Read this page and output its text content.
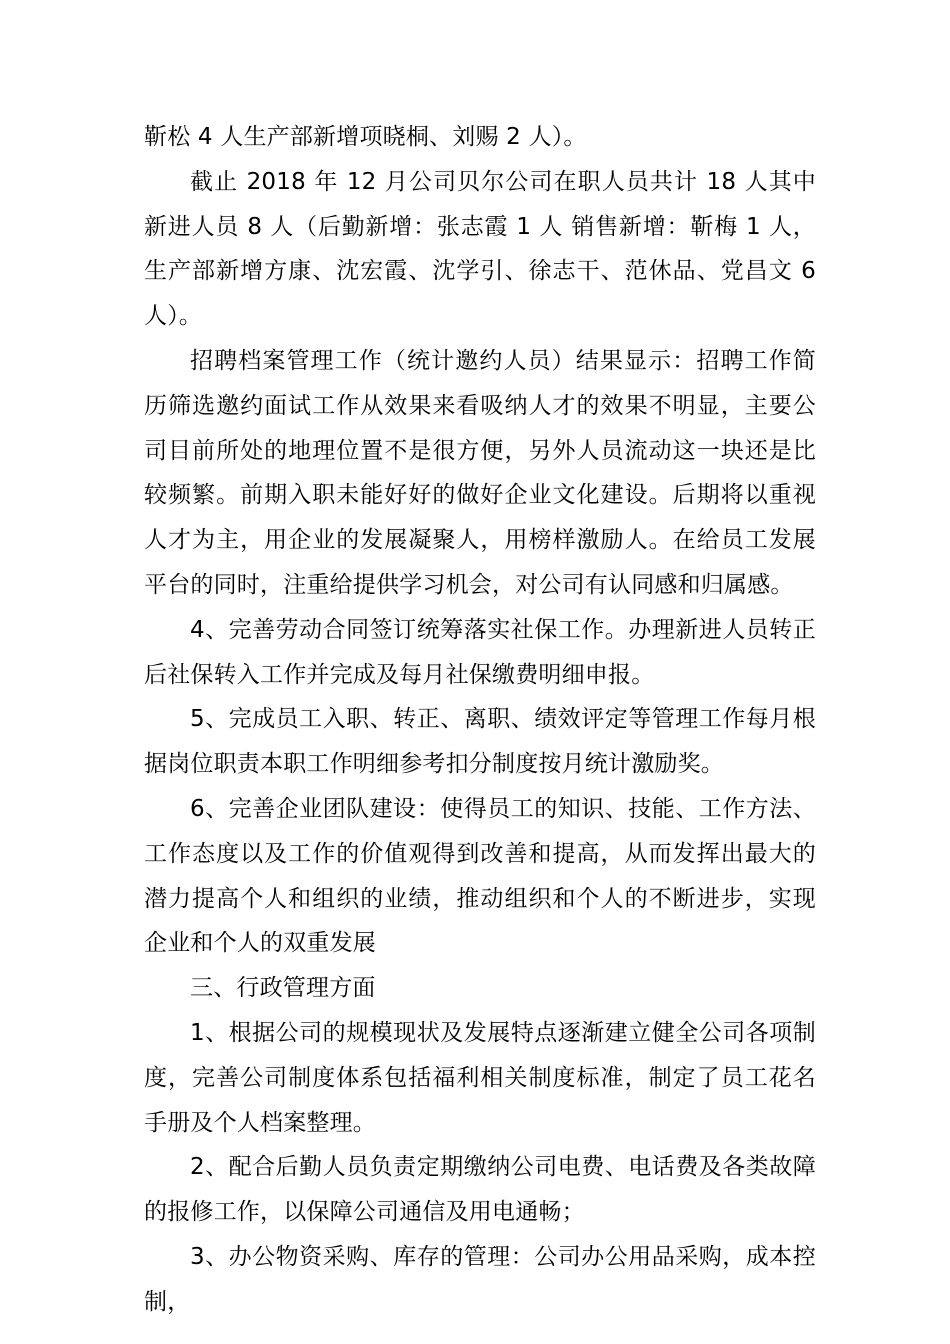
靳松 4 人生产部新增项晓桐、刘赐 2 人）。

截止 2018 年 12 月公司贝尔公司在职人员共计 18 人其中新进人员 8 人（后勤新增：张志霞 1 人 销售新增：靳梅 1 人，生产部新增方康、沈宏霞、沈学引、徐志干、范休品、党昌文 6 人）。

招聘档案管理工作（统计邀约人员）结果显示：招聘工作简历筛选邀约面试工作从效果来看吸纳人才的效果不明显，主要公司目前所处的地理位置不是很方便，另外人员流动这一块还是比较频繁。前期入职未能好好的做好企业文化建设。后期将以重视人才为主，用企业的发展凝聚人，用榜样激励人。在给员工发展平台的同时，注重给提供学习机会，对公司有认同感和归属感。

4、完善劳动合同签订统筹落实社保工作。办理新进人员转正后社保转入工作并完成及每月社保缴费明细申报。

5、完成员工入职、转正、离职、绩效评定等管理工作每月根据岗位职责本职工作明细参考扣分制度按月统计激励奖。

6、完善企业团队建设：使得员工的知识、技能、工作方法、工作态度以及工作的价值观得到改善和提高，从而发挥出最大的潜力提高个人和组织的业绩，推动组织和个人的不断进步，实现企业和个人的双重发展

三、行政管理方面

1、根据公司的规模现状及发展特点逐渐建立健全公司各项制度，完善公司制度体系包括福利相关制度标准，制定了员工花名手册及个人档案整理。

2、配合后勤人员负责定期缴纳公司电费、电话费及各类故障的报修工作，以保障公司通信及用电通畅；

3、办公物资采购、库存的管理：公司办公用品采购，成本控制，
